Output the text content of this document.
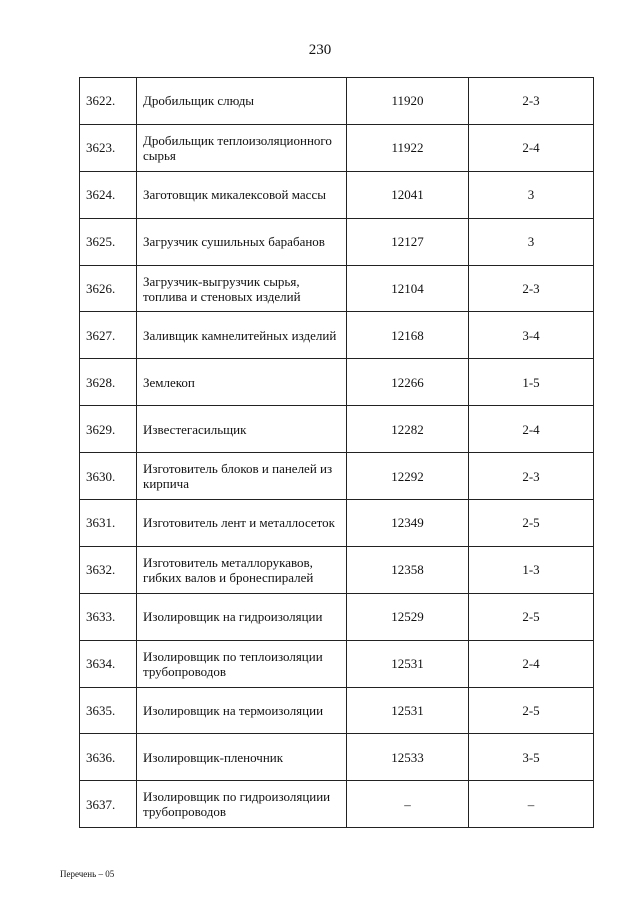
230
3622.	Дробильщик слюды	11920	2-3
3623.	Дробильщик теплоизоляционного сырья	11922	2-4
3624.	Заготовщик микалексовой массы	12041	3
3625.	Загрузчик сушильных барабанов	12127	3
3626.	Загрузчик-выгрузчик сырья, топлива и стеновых изделий	12104	2-3
3627.	Заливщик камнелитейных изделий	12168	3-4
3628.	Землекоп	12266	1-5
3629.	Известегасильщик	12282	2-4
3630.	Изготовитель блоков и панелей из кирпича	12292	2-3
3631.	Изготовитель лент и металлосеток	12349	2-5
3632.	Изготовитель металлорукавов, гибких валов и бронеспиралей	12358	1-3
3633.	Изолировщик на гидроизоляции	12529	2-5
3634.	Изолировщик по теплоизоляции трубопроводов	12531	2-4
3635.	Изолировщик на термоизоляции	12531	2-5
3636.	Изолировщик-пленочник	12533	3-5
3637.	Изолировщик по гидроизоляциии трубопроводов	–	–
Перечень – 05
